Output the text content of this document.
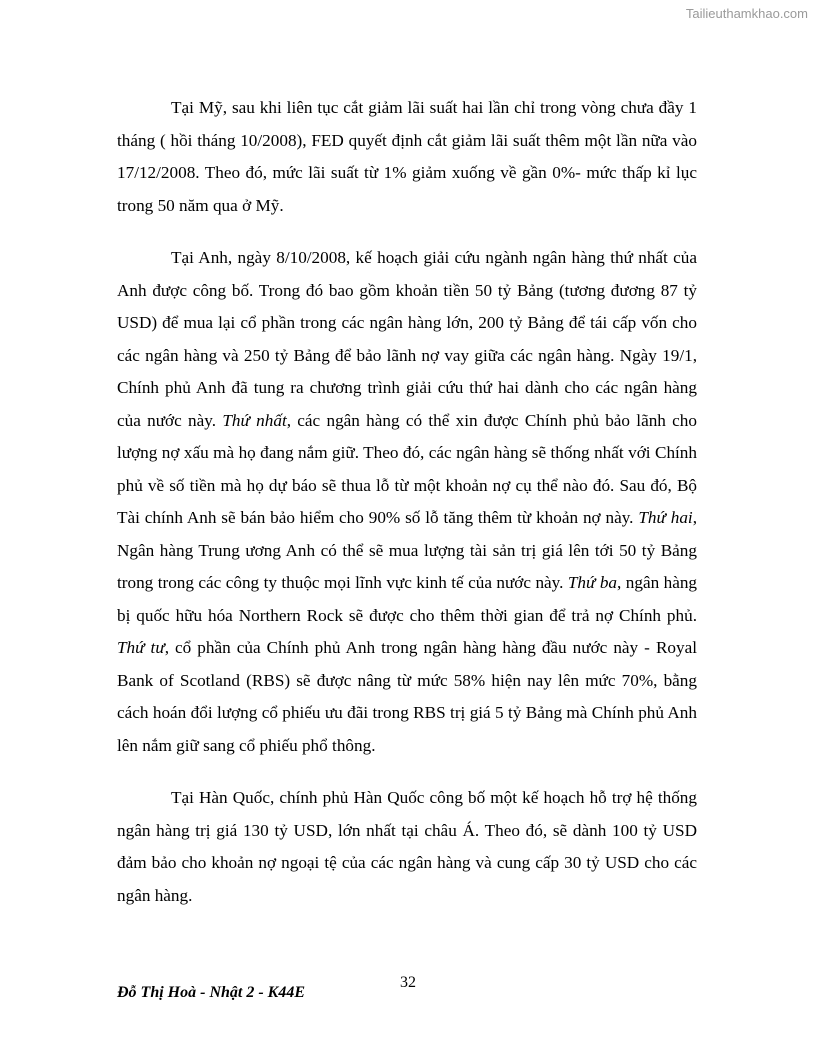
Tailieuthamkhao.com

Tại Mỹ, sau khi liên tục cắt giảm lãi suất hai lần chỉ trong vòng chưa đầy 1 tháng ( hồi tháng 10/2008), FED quyết định cắt giảm lãi suất thêm một lần nữa vào 17/12/2008. Theo đó, mức lãi suất từ 1% giảm xuống về gần 0%- mức thấp kỉ lục trong 50 năm qua ở Mỹ.

Tại Anh, ngày 8/10/2008, kế hoạch giải cứu ngành ngân hàng thứ nhất của Anh được công bố. Trong đó bao gồm khoản tiền 50 tỷ Bảng (tương đương 87 tỷ USD) để mua lại cổ phần trong các ngân hàng lớn, 200 tỷ Bảng để tái cấp vốn cho các ngân hàng và 250 tỷ Bảng để bảo lãnh nợ vay giữa các ngân hàng. Ngày 19/1, Chính phủ Anh đã tung ra chương trình giải cứu thứ hai dành cho các ngân hàng của nước này. Thứ nhất, các ngân hàng có thể xin được Chính phủ bảo lãnh cho lượng nợ xấu mà họ đang nắm giữ. Theo đó, các ngân hàng sẽ thống nhất với Chính phủ về số tiền mà họ dự báo sẽ thua lỗ từ một khoản nợ cụ thể nào đó. Sau đó, Bộ Tài chính Anh sẽ bán bảo hiểm cho 90% số lỗ tăng thêm từ khoản nợ này. Thứ hai, Ngân hàng Trung ương Anh có thể sẽ mua lượng tài sản trị giá lên tới 50 tỷ Bảng trong trong các công ty thuộc mọi lĩnh vực kinh tế của nước này. Thứ ba, ngân hàng bị quốc hữu hóa Northern Rock sẽ được cho thêm thời gian để trả nợ Chính phủ. Thứ tư, cổ phần của Chính phủ Anh trong ngân hàng hàng đầu nước này - Royal Bank of Scotland (RBS) sẽ được nâng từ mức 58% hiện nay lên mức 70%, bằng cách hoán đổi lượng cổ phiếu ưu đãi trong RBS trị giá 5 tỷ Bảng mà Chính phủ Anh lên nắm giữ sang cổ phiếu phổ thông.

Tại Hàn Quốc, chính phủ Hàn Quốc công bố một kế hoạch hỗ trợ hệ thống ngân hàng trị giá 130 tỷ USD, lớn nhất tại châu Á. Theo đó, sẽ dành 100 tỷ USD đảm bảo cho khoản nợ ngoại tệ của các ngân hàng và cung cấp 30 tỷ USD cho các ngân hàng.

32
Đỗ Thị Hoà - Nhật 2 - K44E
